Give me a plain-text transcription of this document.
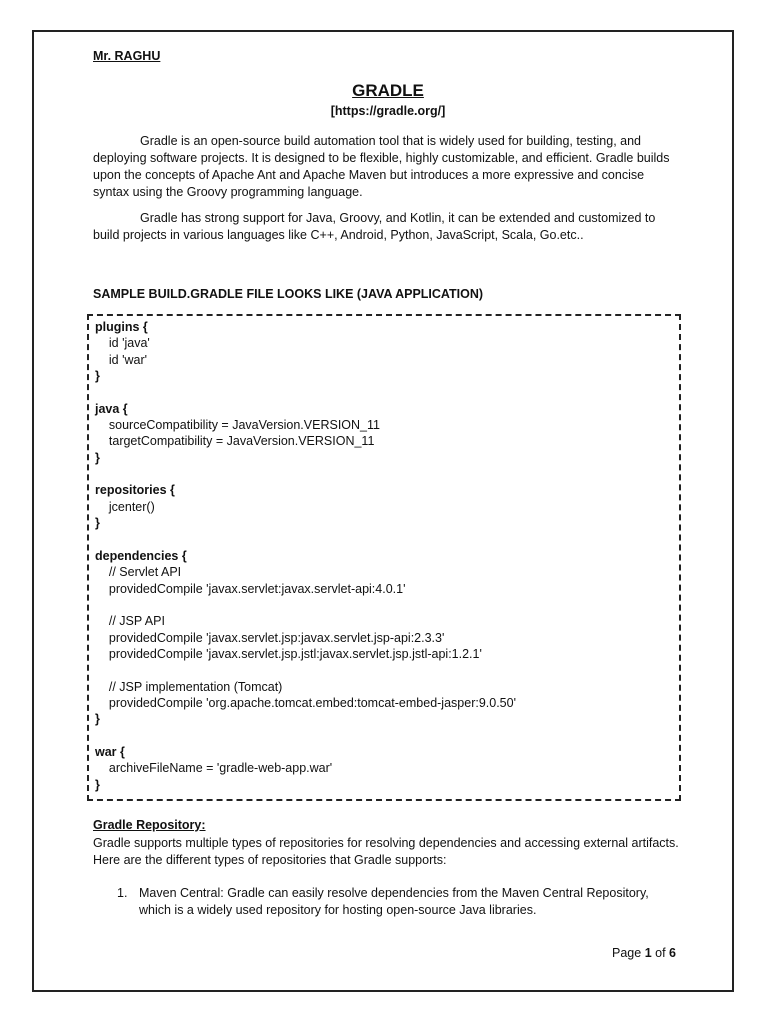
Mr. RAGHU
GRADLE
[https://gradle.org/]

Gradle is an open-source build automation tool that is widely used for building, testing, and deploying software projects. It is designed to be flexible, highly customizable, and efficient. Gradle builds upon the concepts of Apache Ant and Apache Maven but introduces a more expressive and concise syntax using the Groovy programming language.

Gradle has strong support for Java, Groovy, and Kotlin, it can be extended and customized to build projects in various languages like C++, Android, Python, JavaScript, Scala, Go.etc..

SAMPLE BUILD.GRADLE FILE LOOKS LIKE (JAVA APPLICATION)
plugins {
id 'java'
id 'war'
}
java {
sourceCompatibility = JavaVersion.VERSION_11
targetCompatibility = JavaVersion.VERSION_11
}
repositories {
jcenter()
}
dependencies {
// Servlet API
providedCompile 'javax.servlet:javax.servlet-api:4.0.1'
// JSP API
providedCompile 'javax.servlet.jsp:javax.servlet.jsp-api:2.3.3'
providedCompile 'javax.servlet.jsp.jstl:javax.servlet.jsp.jstl-api:1.2.1'
// JSP implementation (Tomcat)
providedCompile 'org.apache.tomcat.embed:tomcat-embed-jasper:9.0.50'
}
war {
archiveFileName = 'gradle-web-app.war'
}
Gradle Repository:
Gradle supports multiple types of repositories for resolving dependencies and accessing external artifacts. Here are the different types of repositories that Gradle supports:
1. Maven Central: Gradle can easily resolve dependencies from the Maven Central Repository, which is a widely used repository for hosting open-source Java libraries.
Page 1 of 6
